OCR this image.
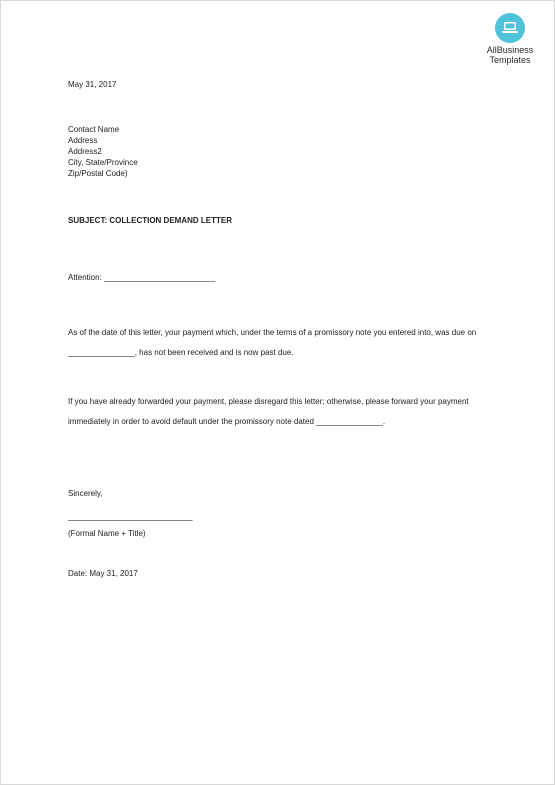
AllBusiness
Templates
May 31, 2017
Contact Name
Address
Address2
City, State/Province
Zip/Postal Code)
SUBJECT: COLLECTION DEMAND LETTER
Attention: _________________________
As of the date of this letter, your payment which, under the terms of a promissory note you entered into, was due on _______________, has not been received and is now past due.
If you have already forwarded your payment, please disregard this letter; otherwise, please forward your payment immediately in order to avoid default under the promissory note dated _______________.
Sincerely,
____________________________
(Formal Name + Title)
Date: May 31, 2017
